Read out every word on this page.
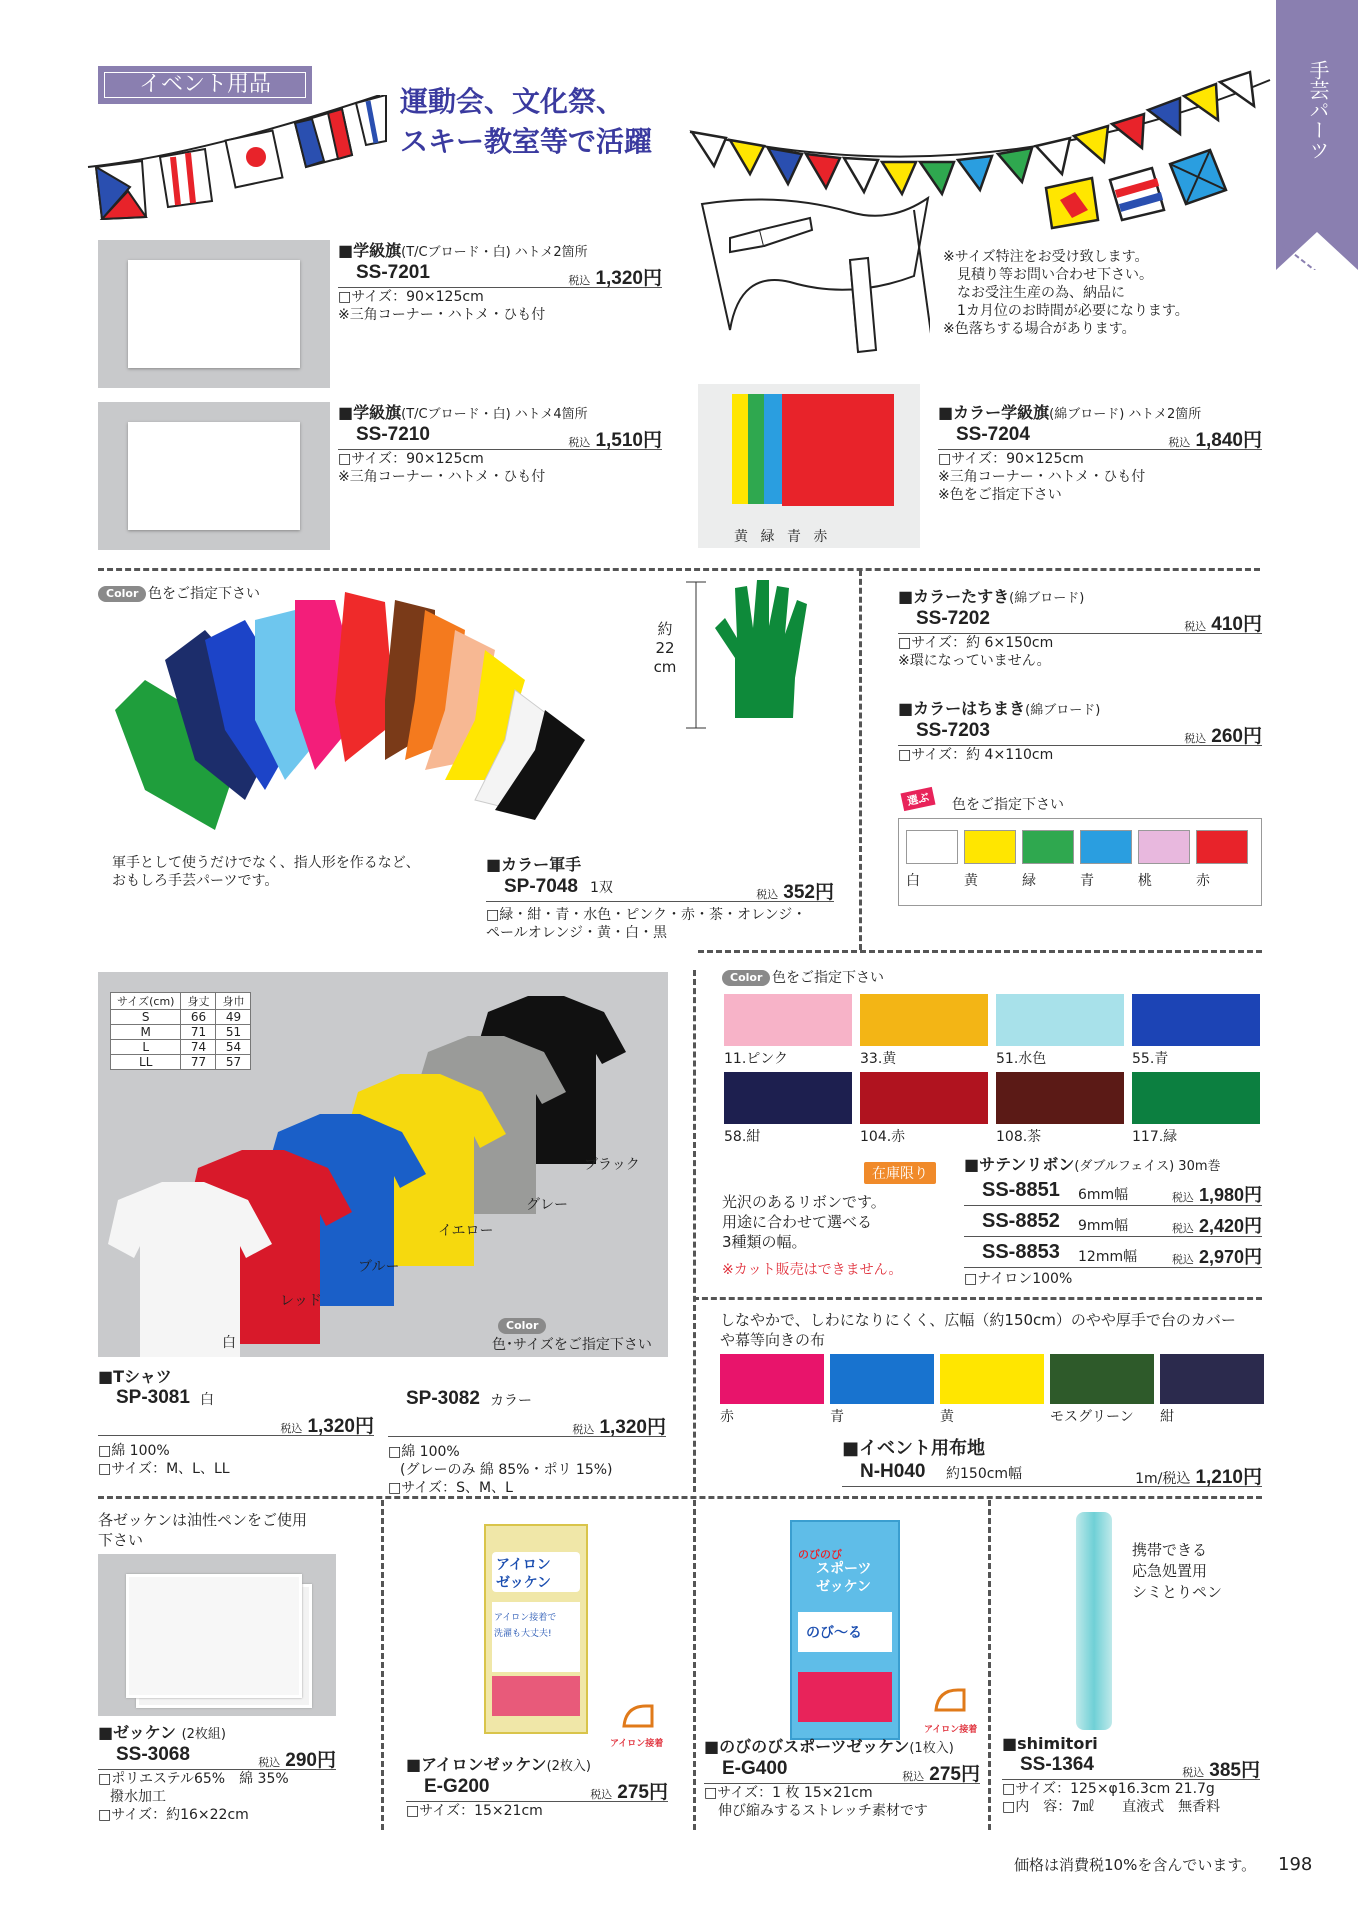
手芸パーツ
イベント用品
運動会、文化祭、
スキー教室等で活躍
※サイズ特注をお受け致します。
見積り等お問い合わせ下さい。
なお受注生産の為、納品に
1カ月位のお時間が必要になります。
※色落ちする場合があります。
■学級旗(T/Cブロード・白) ハトメ2箇所
SS-7201	税込 1,320円
□サイズ：90×125cm
※三角コーナー・ハトメ・ひも付
■学級旗(T/Cブロード・白) ハトメ4箇所
SS-7210	税込 1,510円
□サイズ：90×125cm
※三角コーナー・ハトメ・ひも付
黄 緑 青 赤
■カラー学級旗(綿ブロード) ハトメ2箇所
SS-7204	税込 1,840円
□サイズ：90×125cm
※三角コーナー・ハトメ・ひも付
※色をご指定下さい
Color 色をご指定下さい
約
22
cm
軍手として使うだけでなく、指人形を作るなど、
おもしろ手芸パーツです。
■カラー軍手
SP-7048 1双	税込 352円
□緑・紺・青・水色・ピンク・赤・茶・オレンジ・
ペールオレンジ・黄・白・黒
■カラーたすき(綿ブロード)
SS-7202	税込 410円
□サイズ：約 6×150cm
※環になっていません。
■カラーはちまき(綿ブロード)
SS-7203	税込 260円
□サイズ：約 4×110cm
選ぶ	色をご指定下さい
白	黄	緑	青	桃	赤
サイズ(cm)	身丈	身巾
S	66	49
M	71	51
L	74	54
LL	77	57
ブラック
グレー
イエロー
ブルー
レッド
白
Color
色･サイズをご指定下さい
■Tシャツ
SP-3081 白
税込 1,320円
□綿 100%
□サイズ：M、L、LL
SP-3082 カラー
税込 1,320円
□綿 100%
(グレーのみ 綿 85%・ポリ 15%)
□サイズ：S、M、L
Color 色をご指定下さい
11.ピンク	33.黄	51.水色	55.青
58.紺	104.赤	108.茶	117.緑
在庫限り
光沢のあるリボンです。
用途に合わせて選べる
3種類の幅。
※カット販売はできません。
■サテンリボン(ダブルフェイス) 30m巻
SS-8851 6mm幅	税込 1,980円
SS-8852 9mm幅	税込 2,420円
SS-8853 12mm幅	税込 2,970円
□ナイロン100%
しなやかで、しわになりにくく、広幅（約150cm）のやや厚手で台のカバー
や幕等向きの布
赤	青	黄	モスグリーン 紺
■イベント用布地
N-H040 約150cm幅	1m/税込 1,210円
各ゼッケンは油性ペンをご使用
下さい
■ゼッケン (2枚組)
SS-3068	税込 290円
□ポリエステル65%　綿 35%
撥水加工
□サイズ：約16×22cm
アイロン
ゼッケン
アイロン接着で
洗濯も大丈夫!
アイロン接着
■アイロンゼッケン(2枚入)
E-G200	税込 275円
□サイズ：15×21cm
のびのび
スポーツ
ゼッケン
のび〜る
アイロン接着
■のびのびスポーツゼッケン(1枚入)
E-G400	税込 275円
□サイズ：1 枚 15×21cm
伸び縮みするストレッチ素材です
携帯できる
応急処置用
シミとりペン
■shimitori
SS-1364	税込 385円
□サイズ：125×φ16.3cm 21.7g
□内　容：7㎖　　直液式　無香料
価格は消費税10%を含んでいます。 198
